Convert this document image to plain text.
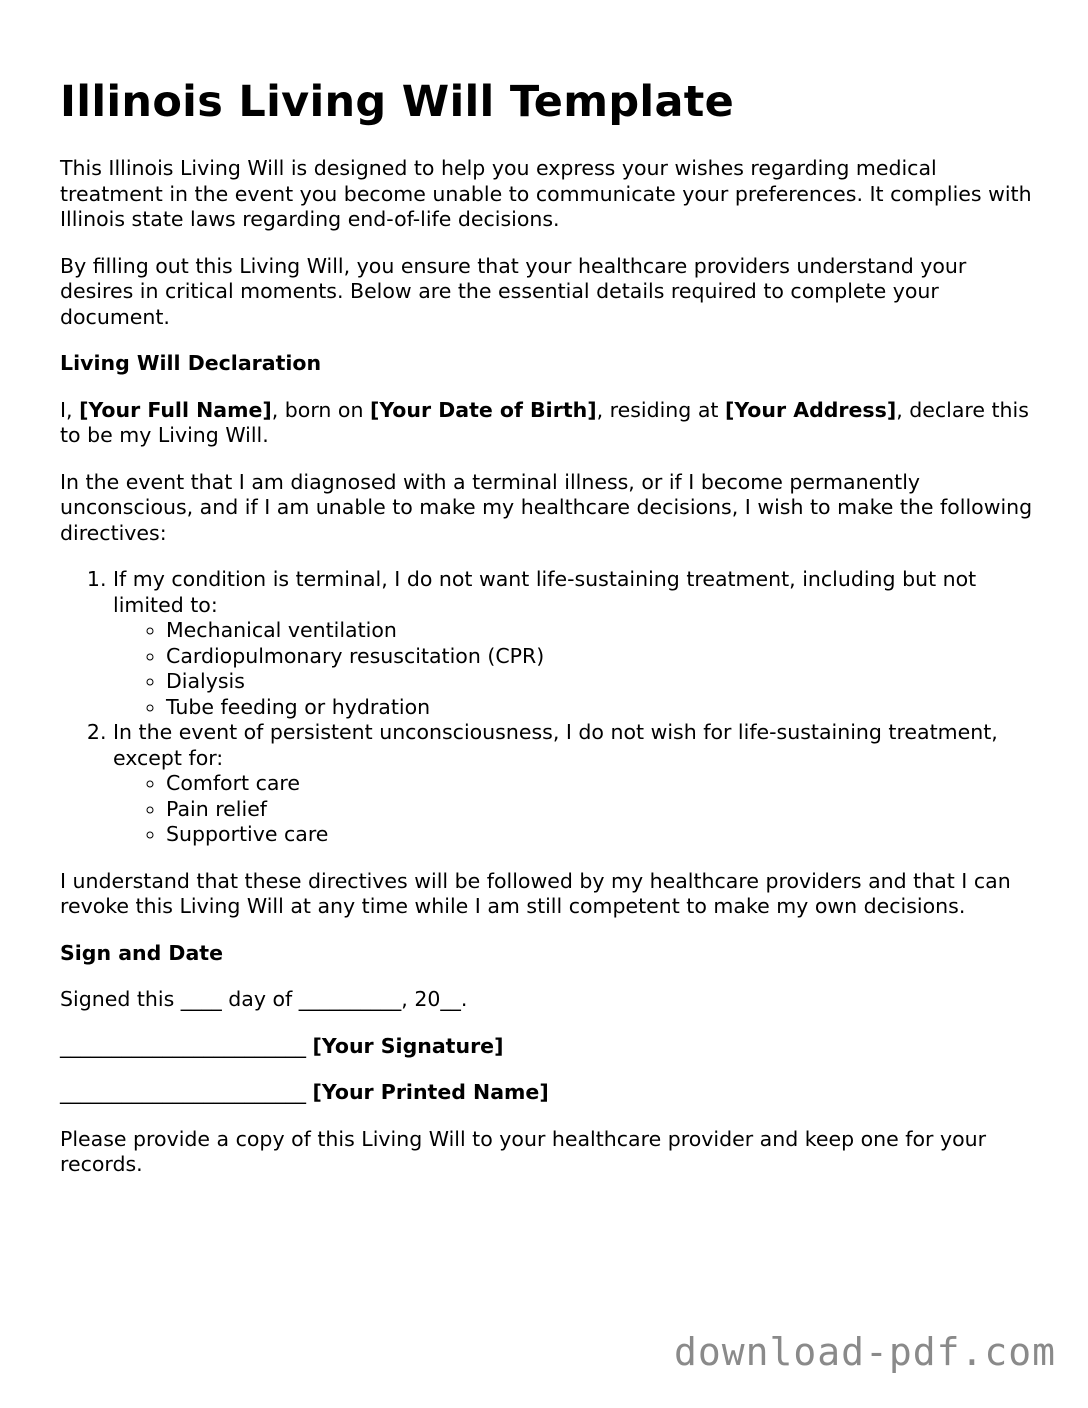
Illinois Living Will Template

This Illinois Living Will is designed to help you express your wishes regarding medical treatment in the event you become unable to communicate your preferences. It complies with Illinois state laws regarding end-of-life decisions.

By filling out this Living Will, you ensure that your healthcare providers understand your desires in critical moments. Below are the essential details required to complete your document.

Living Will Declaration

I, [Your Full Name], born on [Your Date of Birth], residing at [Your Address], declare this to be my Living Will.

In the event that I am diagnosed with a terminal illness, or if I become permanently unconscious, and if I am unable to make my healthcare decisions, I wish to make the following directives:

1. If my condition is terminal, I do not want life-sustaining treatment, including but not limited to:
◦ Mechanical ventilation
◦ Cardiopulmonary resuscitation (CPR)
◦ Dialysis
◦ Tube feeding or hydration
2. In the event of persistent unconsciousness, I do not wish for life-sustaining treatment, except for:
◦ Comfort care
◦ Pain relief
◦ Supportive care

I understand that these directives will be followed by my healthcare providers and that I can revoke this Living Will at any time while I am still competent to make my own decisions.

Sign and Date

Signed this ____ day of __________, 20__.

________________________ [Your Signature]

________________________ [Your Printed Name]

Please provide a copy of this Living Will to your healthcare provider and keep one for your records.

download-pdf.com
